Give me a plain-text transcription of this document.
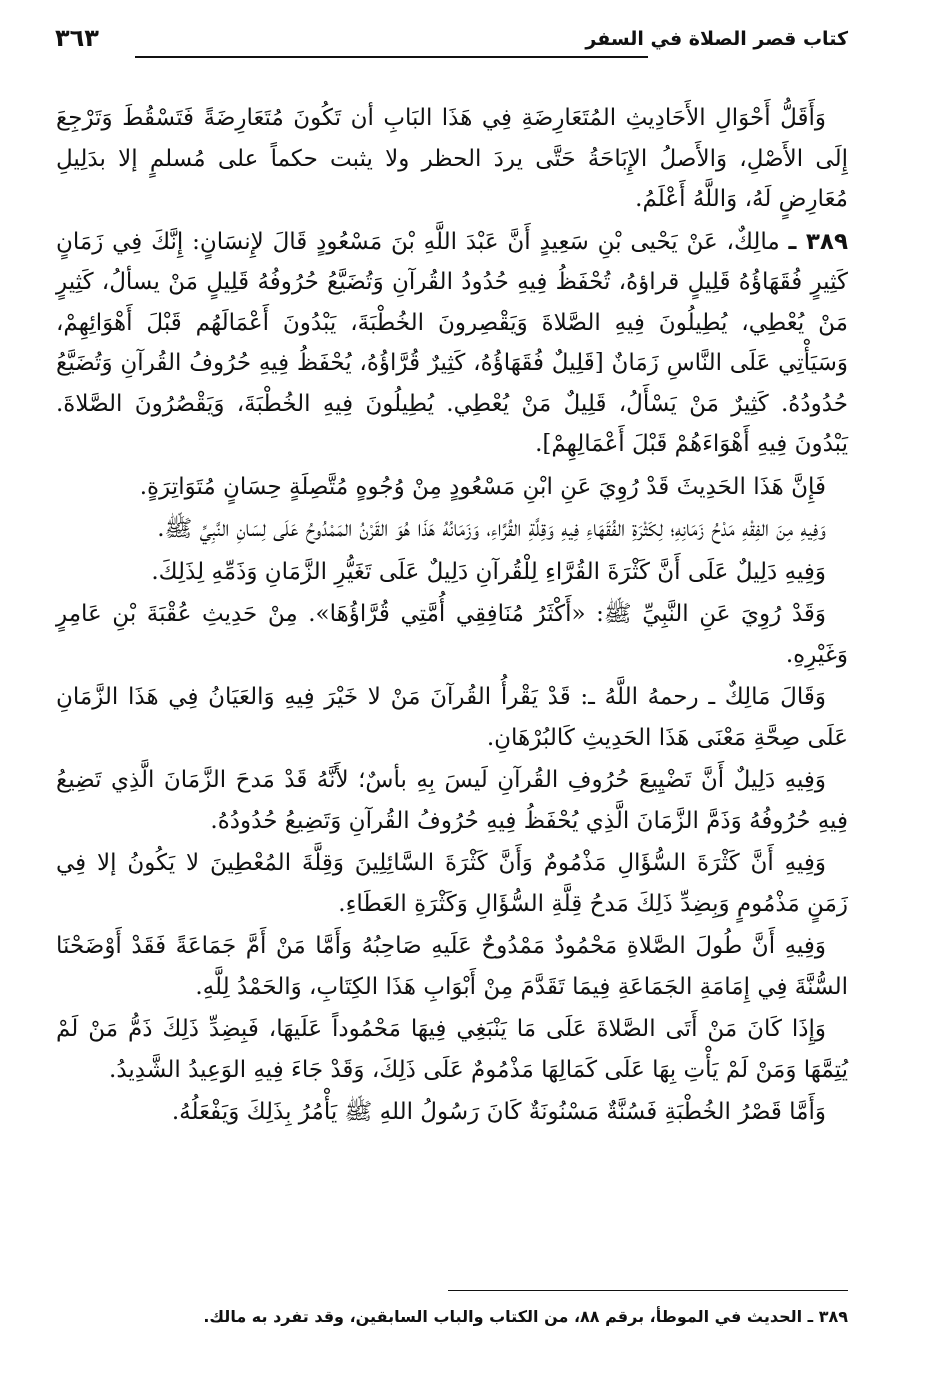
كتاب قصر الصلاة في السفر
٣٦٣

وَأَقَلُّ أَحْوَالِ الأَحَادِيثِ المُتَعَارِضَةِ فِي هَذَا البَابِ أن تَكُونَ مُتَعَارِضَةً فَتَسْقُطَ وَتَرْجِعَ إِلَى الأَصْلِ، وَالأَصلُ الإِبَاحَةُ حَتَّى يردَ الحظر ولا يثبت حكماً على مُسلمٍ إلا بدَلِيلِ مُعَارِضٍ لَهُ، وَاللَّهُ أَعْلَمُ.

٣٨٩ ـ مالِكٌ، عَنْ يَحْيى بْنِ سَعِيدٍ أَنَّ عَبْدَ اللَّهِ بْنَ مَسْعُودٍ قَالَ لإِنسَانٍ: إِنَّكَ فِي زَمَانٍ كَثِيرٍ فُقَهَاؤُهُ قَلِيلٍ قراؤهُ، تُحْفَظُ فِيهِ حُدُودُ القُرآنِ وَتُضَيَّعُ حُرُوفُهُ قَلِيلٍ مَنْ يسألُ، كَثِيرٍ مَنْ يُعْطِي، يُطِيلُونَ فِيهِ الصَّلاةَ وَيَقْصِرونَ الخُطْبَةَ، يَبْدُونَ أَعْمَالَهُم قَبْلَ أَهْوَائِهِمْ، وَسَيَأْتِي عَلَى النَّاسِ زَمَانٌ [قَلِيلٌ فُقَهَاؤُهُ، كَثِيرٌ قُرَّاؤُهُ، يُحْفَظُ فِيهِ حُرُوفُ القُرآنِ وَتُضَيَّعُ حُدُودُهُ. كَثِيرٌ مَنْ يَسْأَلُ، قَلِيلٌ مَنْ يُعْطِي. يُطِيلُونَ فِيهِ الخُطْبَةَ، وَيَقْصُرُونَ الصَّلاةَ. يَبْدُونَ فِيهِ أَهْوَاءَهُمْ قَبْلَ أَعْمَالِهِمْ].

فَإِنَّ هَذَا الحَدِيثَ قَدْ رُوِيَ عَنِ ابْنِ مَسْعُودٍ مِنْ وُجُوهٍ مُتَّصِلَةٍ حِسَانٍ مُتَوَاتِرَةٍ.

وَفِيهِ مِنَ الفِقْهِ مَدْحُ زَمَانِهِ؛ لِكَثْرَةِ الفُقَهَاءِ فِيهِ وَقِلَّةِ القُرَّاءِ، وَزَمَانُهُ هَذَا هُوَ القَرْنُ المَمْدُوحُ عَلَى لِسَانِ النَّبِيِّ ﷺ.

وَفِيهِ دَلِيلٌ عَلَى أَنَّ كَثْرَةَ القُرَّاءِ لِلْقُرآنِ دَلِيلٌ عَلَى تَغَيُّرِ الزَّمَانِ وَذَمِّهِ لِذَلِكَ.

وَقَدْ رُوِيَ عَنِ النَّبِيِّ ﷺ: «أَكْثَرُ مُنَافِقِي أُمَّتِي قُرَّاؤُهَا». مِنْ حَدِيثِ عُقْبَةَ بْنِ عَامِرٍ وَغَيْرِهِ.

وَقَالَ مَالِكٌ ـ رحمهُ اللَّهُ ـ: قَدْ يَقْرأُ القُرآنَ مَنْ لا خَيْرَ فِيهِ وَالعَيَانُ فِي هَذَا الزَّمَانِ عَلَى صِحَّةِ مَعْنَى هَذَا الحَدِيثِ كَالبُرْهَانِ.

وَفِيهِ دَلِيلٌ أَنَّ تَضْيِيعَ حُرُوفِ القُرآنِ لَيسَ بِهِ بأسٌ؛ لأَنَّهُ قَدْ مَدحَ الزَّمَانَ الَّذِي تَضِيعُ فِيهِ حُرُوفُهُ وَذَمَّ الزَّمَانَ الَّذِي يُحْفَظُ فِيهِ حُرُوفُ القُرآنِ وَتَضِيعُ حُدُودُهُ.

وَفِيهِ أَنَّ كَثْرَةَ السُّؤَالِ مَذْمُومٌ وَأَنَّ كَثْرَةَ السَّائِلِينَ وَقِلَّةَ المُعْطِينَ لا يَكُونُ إلا فِي زَمَنٍ مَذْمُومٍ وَبِضِدِّ ذَلِكَ مَدحُ قِلَّةِ السُّؤَالِ وَكَثْرَةِ العَطَاءِ.

وَفِيهِ أَنَّ طُولَ الصَّلاةِ مَحْمُودٌ مَمْدُوحٌ عَلَيهِ صَاحِبُهُ وَأَمَّا مَنْ أَمَّ جَمَاعَةً فَقَدْ أَوْضَحْنَا السُّنَّةَ فِي إِمَامَةِ الجَمَاعَةِ فِيمَا تَقَدَّمَ مِنْ أَبْوَابِ هَذَا الكِتَابِ، وَالحَمْدُ لِلَّهِ.

وَإِذَا كَانَ مَنْ أَتَى الصَّلاةَ عَلَى مَا يَنْبَغِي فِيهَا مَحْمُوداً عَلَيهَا، فَبِضِدِّ ذَلِكَ ذَمُّ مَنْ لَمْ يُتِمَّهَا وَمَنْ لَمْ يَأْتِ بِهَا عَلَى كَمَالِهَا مَذْمُومٌ عَلَى ذَلِكَ، وَقَدْ جَاءَ فِيهِ الوَعِيدُ الشَّدِيدُ.

وَأَمَّا قَصْرُ الخُطْبَةِ فَسُنَّةٌ مَسْنُونَةٌ كَانَ رَسُولُ اللهِ ﷺ يَأْمُرُ بِذَلِكَ وَيَفْعَلُهُ.

٣٨٩ ـ الحديث في الموطأ، برقم ٨٨، من الكتاب والباب السابقين، وقد تفرد به مالك.
